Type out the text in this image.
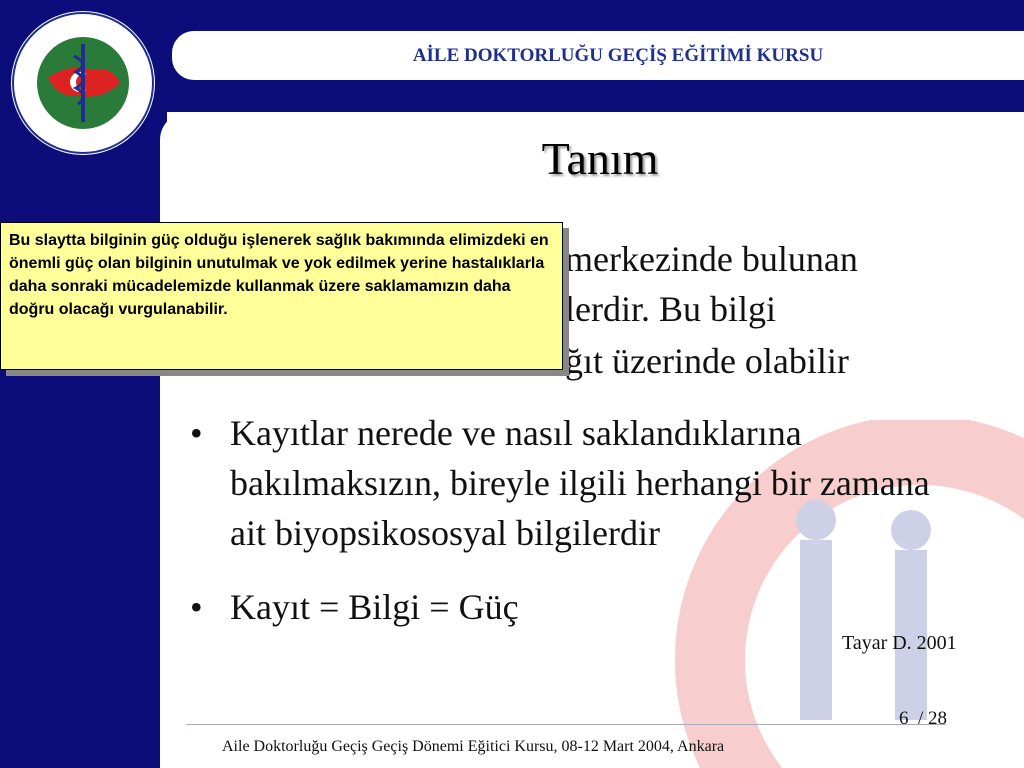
AİLE DOKTORLUĞU GEÇİŞ EĞİTİMİ KURSU
Tanım
merkezinde bulunan
lerdir. Bu bilgi
ğıt üzerinde olabilir
• Kayıtlar nerede ve nasıl saklandıklarına bakılmaksızın, bireyle ilgili herhangi bir zamana ait biyopsikososyal bilgilerdir
• Kayıt = Bilgi = Güç
Bu slaytta bilginin güç olduğu işlenerek sağlık bakımında elimizdeki en önemli güç olan bilginin unutulmak ve yok edilmek yerine hastalıklarla daha sonraki mücadelemizde kullanmak üzere saklamamızın daha doğru olacağı vurgulanabilir.
Tayar D. 2001
6 / 28
Aile Doktorluğu Geçiş Geçiş Dönemi Eğitici Kursu, 08-12 Mart 2004, Ankara
